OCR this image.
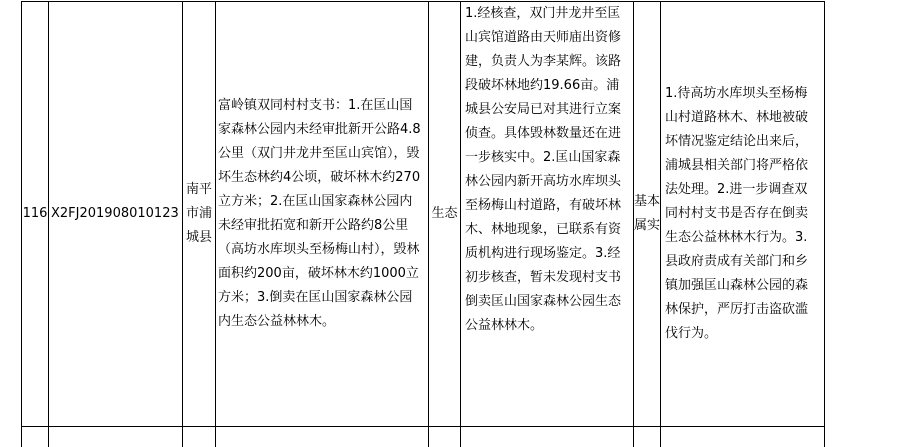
116	X2FJ201908010123	南平市浦城县	富岭镇双同村村支书：1.在匡山国家森林公园内未经审批新开公路4.8公里（双门井龙井至匡山宾馆），毁坏生态林约4公顷，破坏林木约270立方米；2.在匡山国家森林公园内未经审批拓宽和新开公路约8公里（高坊水库坝头至杨梅山村），毁林面积约200亩，破坏林木约1000立方米；3.倒卖在匡山国家森林公园内生态公益林林木。	生态	1.经核查，双门井龙井至匡山宾馆道路由天师庙出资修建，负责人为李某辉。该路段破坏林地约19.66亩。浦城县公安局已对其进行立案侦查。具体毁林数量还在进一步核实中。2.匡山国家森林公园内新开高坊水库坝头至杨梅山村道路，有破坏林木、林地现象，已联系有资质机构进行现场鉴定。3.经初步核查，暂未发现村支书倒卖匡山国家森林公园生态公益林林木。	基本属实	1.待高坊水库坝头至杨梅山村道路林木、林地被破坏情况鉴定结论出来后，浦城县相关部门将严格依法处理。2.进一步调查双同村村支书是否存在倒卖生态公益林林木行为。3.县政府责成有关部门和乡镇加强匡山森林公园的森林保护，严厉打击盗砍滥伐行为。
